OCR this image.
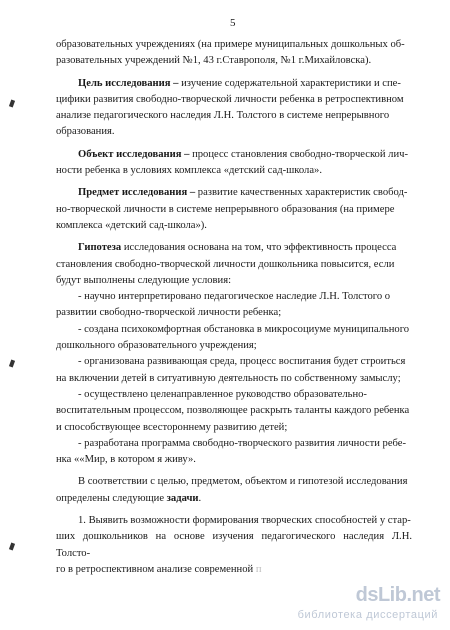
5

образовательных учреждениях (на примере муниципальных дошкольных об-

разовательных учреждений №1, 43 г.Ставрополя, №1 г.Михайловска).

Цель исследования – изучение содержательной характеристики и спе-

цифики развития свободно-творческой личности ребенка в ретроспективном

анализе педагогического наследия Л.Н. Толстого в системе непрерывного

образования.

Объект исследования – процесс становления свободно-творческой лич-

ности ребенка в условиях комплекса «детский сад-школа».

Предмет исследования – развитие качественных характеристик свобод-

но-творческой личности в системе непрерывного образования (на примере

комплекса «детский сад-школа»).

Гипотеза исследования основана на том, что эффективность процесса

становления свободно-творческой личности дошкольника повысится, если

будут выполнены следующие условия:

- научно интерпретировано педагогическое наследие Л.Н. Толстого о

развитии свободно-творческой личности ребенка;

- создана психокомфортная обстановка в микросоциуме муниципального

дошкольного образовательного учреждения;

- организована развивающая среда, процесс воспитания будет строиться

на включении детей в ситуативную деятельность по собственному замыслу;

- осуществлено целенаправленное руководство образовательно-

воспитательным процессом, позволяющее раскрыть таланты каждого ребенка

и способствующее всестороннему развитию детей;

- разработана программа свободно-творческого развития личности ребе-

нка ««Мир, в котором я живу».

В соответствии с целью, предметом, объектом и гипотезой исследования

определены следующие задачи.

1. Выявить возможности формирования творческих способностей у стар-

ших дошкольников на основе изучения педагогического наследия Л.Н. Толсто-

го в ретроспективном анализе современной п

dsLib.net
библиотека диссертаций
